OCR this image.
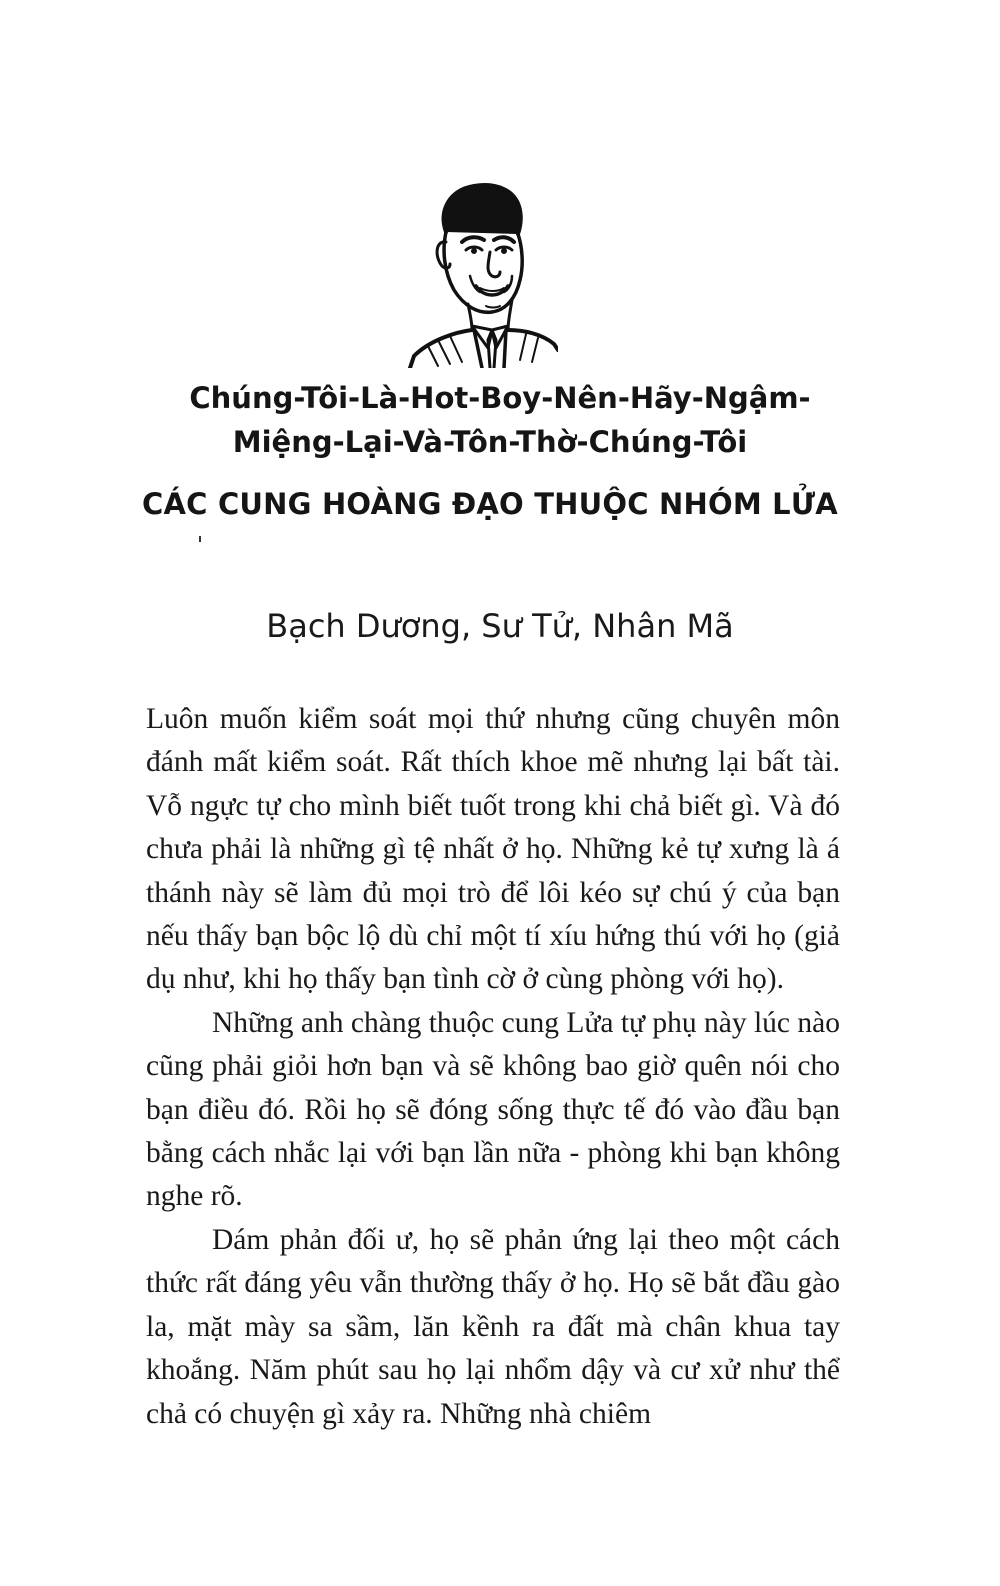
Chúng-Tôi-Là-Hot-Boy-Nên-Hãy-Ngậm-
Miệng-Lại-Và-Tôn-Thờ-Chúng-Tôi
CÁC CUNG HOÀNG ĐẠO THUỘC NHÓM LỬA
Bạch Dương, Sư Tử, Nhân Mã

Luôn muốn kiểm soát mọi thứ nhưng cũng chuyên môn đánh mất kiểm soát. Rất thích khoe mẽ nhưng lại bất tài. Vỗ ngực tự cho mình biết tuốt trong khi chả biết gì. Và đó chưa phải là những gì tệ nhất ở họ. Những kẻ tự xưng là á thánh này sẽ làm đủ mọi trò để lôi kéo sự chú ý của bạn nếu thấy bạn bộc lộ dù chỉ một tí xíu hứng thú với họ (giả dụ như, khi họ thấy bạn tình cờ ở cùng phòng với họ).

Những anh chàng thuộc cung Lửa tự phụ này lúc nào cũng phải giỏi hơn bạn và sẽ không bao giờ quên nói cho bạn điều đó. Rồi họ sẽ đóng sống thực tế đó vào đầu bạn bằng cách nhắc lại với bạn lần nữa - phòng khi bạn không nghe rõ.

Dám phản đối ư, họ sẽ phản ứng lại theo một cách thức rất đáng yêu vẫn thường thấy ở họ. Họ sẽ bắt đầu gào la, mặt mày sa sầm, lăn kềnh ra đất mà chân khua tay khoắng. Năm phút sau họ lại nhổm dậy và cư xử như thể chả có chuyện gì xảy ra. Những nhà chiêm
